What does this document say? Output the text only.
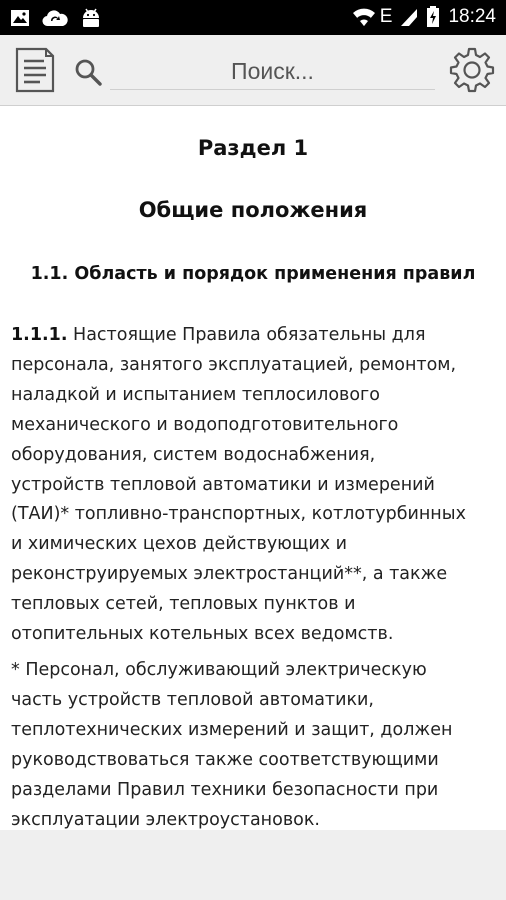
E	18:24
Поиск...
Раздел 1
Общие положения
1.1. Область и порядок применения правил

1.1.1. Настоящие Правила обязательны для
персонала, занятого эксплуатацией, ремонтом,
наладкой и испытанием теплосилового
механического и водоподготовительного
оборудования, систем водоснабжения,
устройств тепловой автоматики и измерений
(ТАИ)* топливно-транспортных, котлотурбинных
и химических цехов действующих и
реконструируемых электростанций**, а также
тепловых сетей, тепловых пунктов и
отопительных котельных всех ведомств.

* Персонал, обслуживающий электрическую
часть устройств тепловой автоматики,
теплотехнических измерений и защит, должен
руководствоваться также соответствующими
разделами Правил техники безопасности при
эксплуатации электроустановок.
